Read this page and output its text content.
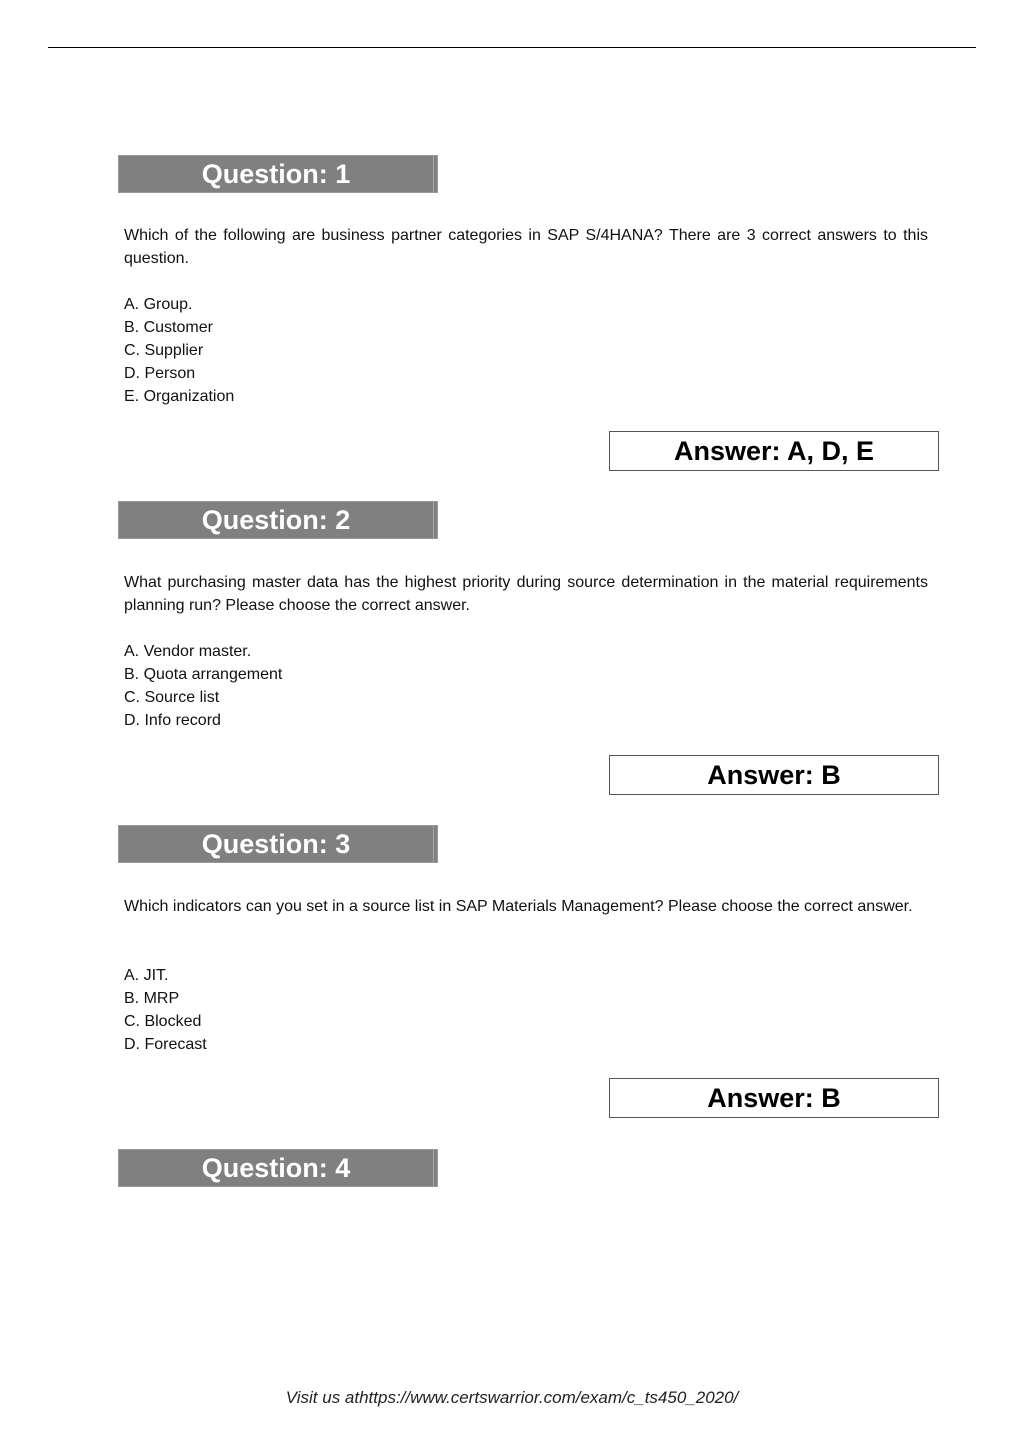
Question: 1

Which of the following are business partner categories in SAP S/4HANA? There are 3 correct answers to this question.

A. Group.
B. Customer
C. Supplier
D. Person
E. Organization
Answer: A, D, E
Question: 2

What purchasing master data has the highest priority during source determination in the material requirements planning run? Please choose the correct answer.

A. Vendor master.
B. Quota arrangement
C. Source list
D. Info record
Answer: B
Question: 3

Which indicators can you set in a source list in SAP Materials Management? Please choose the correct answer.

A. JIT.
B. MRP
C. Blocked
D. Forecast
Answer: B
Question: 4
Visit us athttps://www.certswarrior.com/exam/c_ts450_2020/
